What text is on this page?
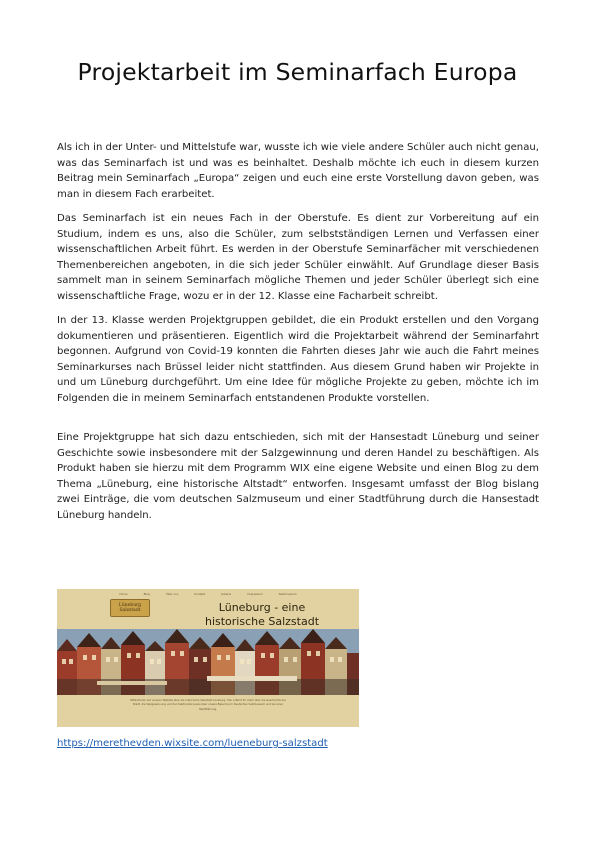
Projektarbeit im Seminarfach Europa

Als ich in der Unter- und Mittelstufe war, wusste ich wie viele andere Schüler auch nicht genau, was das Seminarfach ist und was es beinhaltet. Deshalb möchte ich euch in diesem kurzen Beitrag mein Seminarfach „Europa“ zeigen und euch eine erste Vorstellung davon geben, was man in diesem Fach erarbeitet.

Das Seminarfach ist ein neues Fach in der Oberstufe. Es dient zur Vorbereitung auf ein Studium, indem es uns, also die Schüler, zum selbstständigen Lernen und Verfassen einer wissenschaftlichen Arbeit führt. Es werden in der Oberstufe Seminarfächer mit verschiedenen Themenbereichen angeboten, in die sich jeder Schüler einwählt. Auf Grundlage dieser Basis sammelt man in seinem Seminarfach mögliche Themen und jeder Schüler überlegt sich eine wissenschaftliche Frage, wozu er in der 12. Klasse eine Facharbeit schreibt.

In der 13. Klasse werden Projektgruppen gebildet, die ein Produkt erstellen und den Vorgang dokumentieren und präsentieren. Eigentlich wird die Projektarbeit während der Seminarfahrt begonnen. Aufgrund von Covid-19 konnten die Fahrten dieses Jahr wie auch die Fahrt meines Seminarkurses nach Brüssel leider nicht stattfinden. Aus diesem Grund haben wir Projekte in und um Lüneburg durchgeführt. Um eine Idee für mögliche Projekte zu geben, möchte ich im Folgenden die in meinem Seminarfach entstandenen Produkte vorstellen.

Eine Projektgruppe hat sich dazu entschieden, sich mit der Hansestadt Lüneburg und seiner Geschichte sowie insbesondere mit der Salzgewinnung und deren Handel zu beschäftigen. Als Produkt haben sie hierzu mit dem Programm WIX eine eigene Website und einen Blog zu dem Thema „Lüneburg, eine historische Altstadt“ entworfen. Insgesamt umfasst der Blog bislang zwei Einträge, die vom deutschen Salzmuseum und einer Stadtführung durch die Hansestadt Lüneburg handeln.

Home	Blog	Über uns	Kontakt	Galerie	Impressum	Salzmuseum
Lüneburg
Salzstadt	Lüneburg - eine
historische Salzstadt
Willkommen auf unserer Website über die historische Salzstadt Lüneburg. Hier erfahrt ihr mehr über die Geschichte der Stadt, die Salzgewinnung und den Salzhandel sowie über unsere Besuche im Deutschen Salzmuseum und bei einer Stadtführung.
https://merethevden.wixsite.com/lueneburg-salzstadt
